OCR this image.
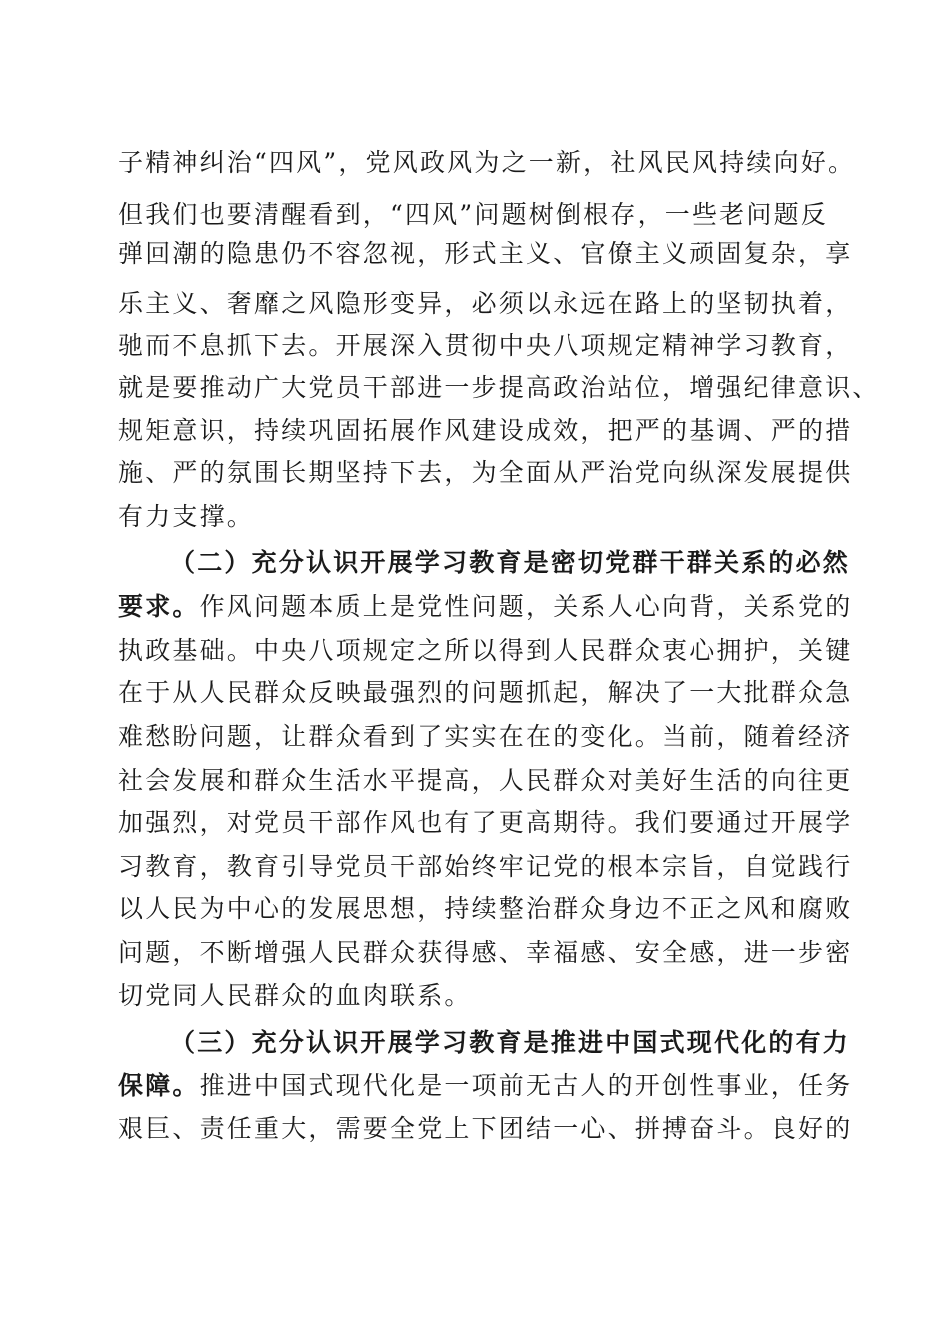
子精神纠治“四风”，党风政风为之一新，社风民风持续向好。
但我们也要清醒看到，“四风”问题树倒根存，一些老问题反
弹回潮的隐患仍不容忽视，形式主义、官僚主义顽固复杂，享
乐主义、奢靡之风隐形变异，必须以永远在路上的坚韧执着，
驰而不息抓下去。开展深入贯彻中央八项规定精神学习教育，
就是要推动广大党员干部进一步提高政治站位，增强纪律意识、
规矩意识，持续巩固拓展作风建设成效，把严的基调、严的措
施、严的氛围长期坚持下去，为全面从严治党向纵深发展提供
有力支撑。
（二）充分认识开展学习教育是密切党群干群关系的必然
要求。作风问题本质上是党性问题，关系人心向背，关系党的
执政基础。中央八项规定之所以得到人民群众衷心拥护，关键
在于从人民群众反映最强烈的问题抓起，解决了一大批群众急
难愁盼问题，让群众看到了实实在在的变化。当前，随着经济
社会发展和群众生活水平提高，人民群众对美好生活的向往更
加强烈，对党员干部作风也有了更高期待。我们要通过开展学
习教育，教育引导党员干部始终牢记党的根本宗旨，自觉践行
以人民为中心的发展思想，持续整治群众身边不正之风和腐败
问题，不断增强人民群众获得感、幸福感、安全感，进一步密
切党同人民群众的血肉联系。
（三）充分认识开展学习教育是推进中国式现代化的有力
保障。推进中国式现代化是一项前无古人的开创性事业，任务
艰巨、责任重大，需要全党上下团结一心、拼搏奋斗。良好的
